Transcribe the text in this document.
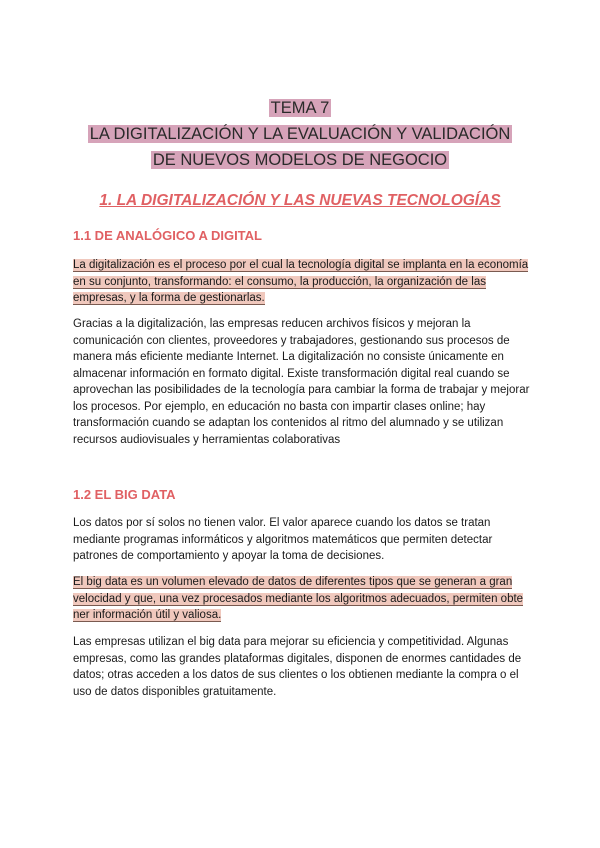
TEMA 7
LA DIGITALIZACIÓN Y LA EVALUACIÓN Y VALIDACIÓN
DE NUEVOS MODELOS DE NEGOCIO
1. LA DIGITALIZACIÓN Y LAS NUEVAS TECNOLOGÍAS
1.1 DE ANALÓGICO A DIGITAL
La digitalización es el proceso por el cual la tecnología digital se implanta en la economía en su conjunto, transformando: el consumo, la producción, la organización de las empresas, y la forma de gestionarlas.
Gracias a la digitalización, las empresas reducen archivos físicos y mejoran la comunicación con clientes, proveedores y trabajadores, gestionando sus procesos de manera más eficiente mediante Internet. La digitalización no consiste únicamente en almacenar información en formato digital. Existe transformación digital real cuando se aprovechan las posibilidades de la tecnología para cambiar la forma de trabajar y mejorar los procesos. Por ejemplo, en educación no basta con impartir clases online; hay transformación cuando se adaptan los contenidos al ritmo del alumnado y se utilizan recursos audiovisuales y herramientas colaborativas
1.2 EL BIG DATA
Los datos por sí solos no tienen valor. El valor aparece cuando los datos se tratan mediante programas informáticos y algoritmos matemáticos que permiten detectar patrones de comportamiento y apoyar la toma de decisiones.
El big data es un volumen elevado de datos de diferentes tipos que se generan a gran velocidad y que, una vez procesados mediante los algoritmos adecuados, permiten obte ner información útil y valiosa.
Las empresas utilizan el big data para mejorar su eficiencia y competitividad. Algunas empresas, como las grandes plataformas digitales, disponen de enormes cantidades de datos; otras acceden a los datos de sus clientes o los obtienen mediante la compra o el uso de datos disponibles gratuitamente.
